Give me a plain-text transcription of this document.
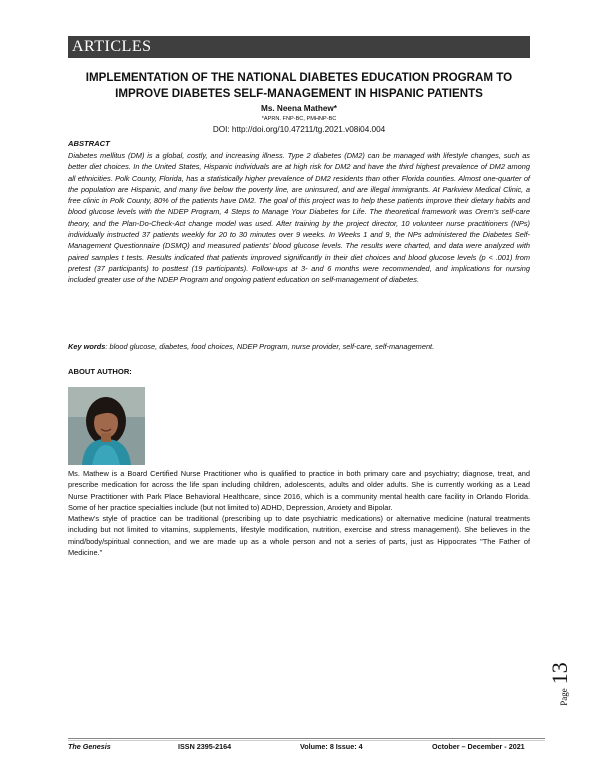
ARTICLES
IMPLEMENTATION OF THE NATIONAL DIABETES EDUCATION PROGRAM TO IMPROVE DIABETES SELF-MANAGEMENT IN HISPANIC PATIENTS
Ms. Neena Mathew*
*APRN. FNP-BC, PMHNP-BC
DOI: http://doi.org/10.47211/tg.2021.v08i04.004
ABSTRACT
Diabetes mellitus (DM) is a global, costly, and increasing illness. Type 2 diabetes (DM2) can be managed with lifestyle changes, such as better diet choices. In the United States, Hispanic individuals are at high risk for DM2 and have the third highest prevalence of DM2 among all ethnicities. Polk County, Florida, has a statistically higher prevalence of DM2 residents than other Florida counties. Almost one-quarter of the population are Hispanic, and many live below the poverty line, are uninsured, and are illegal immigrants. At Parkview Medical Clinic, a free clinic in Polk County, 80% of the patients have DM2. The goal of this project was to help these patients improve their dietary habits and blood glucose levels with the NDEP Program, 4 Steps to Manage Your Diabetes for Life. The theoretical framework was Orem’s self-care theory, and the Plan-Do-Check-Act change model was used. After training by the project director, 10 volunteer nurse practitioners (NPs) individually instructed 37 patients weekly for 20 to 30 minutes over 9 weeks. In Weeks 1 and 9, the NPs administered the Diabetes Self-Management Questionnaire (DSMQ) and measured patients’ blood glucose levels. The results were charted, and data were analyzed with paired samples t tests. Results indicated that patients improved significantly in their diet choices and blood glucose levels (p < .001) from pretest (37 participants) to posttest (19 participants). Follow-ups at 3- and 6 months were recommended, and implications for nursing included greater use of the NDEP Program and ongoing patient education on self-management of diabetes.
Key words: blood glucose, diabetes, food choices, NDEP Program, nurse provider, self-care, self-management.
ABOUT AUTHOR:

Ms. Mathew is a Board Certified Nurse Practitioner who is qualified to practice in both primary care and psychiatry; diagnose, treat, and prescribe medication for across the life span including children, adolescents, adults and older adults. She is currently working as a Lead Nurse Practitioner with Park Place Behavioral Healthcare, since 2016, which is a community mental health care facility in Orlando Florida. Some of her practice specialties include (but not limited to) ADHD, Depression, Anxiety and Bipolar.

Mathew’s style of practice can be traditional (prescribing up to date psychiatric medications) or alternative medicine (natural treatments including but not limited to vitamins, supplements, lifestyle modification, nutrition, exercise and stress management). She believes in the mind/body/spiritual connection, and we are made up as a whole person and not a series of parts, just as Hippocrates "The Father of Medicine."

Page 13
The Genesis	ISSN 2395-2164	Volume: 8 Issue: 4	October – December - 2021
